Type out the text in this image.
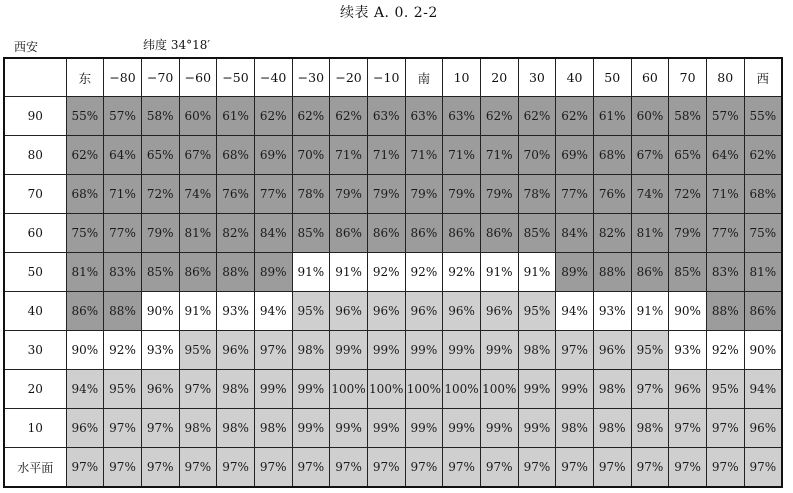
续表 A. 0. 2-2
西安	纬度 34°18′
	东	−80	−70	−60	−50	−40	−30	−20	−10	南	10	20	30	40	50	60	70	80	西
90	55%	57%	58%	60%	61%	62%	62%	62%	63%	63%	63%	62%	62%	62%	61%	60%	58%	57%	55%
80	62%	64%	65%	67%	68%	69%	70%	71%	71%	71%	71%	71%	70%	69%	68%	67%	65%	64%	62%
70	68%	71%	72%	74%	76%	77%	78%	79%	79%	79%	79%	79%	78%	77%	76%	74%	72%	71%	68%
60	75%	77%	79%	81%	82%	84%	85%	86%	86%	86%	86%	86%	85%	84%	82%	81%	79%	77%	75%
50	81%	83%	85%	86%	88%	89%	91%	91%	92%	92%	92%	91%	91%	89%	88%	86%	85%	83%	81%
40	86%	88%	90%	91%	93%	94%	95%	96%	96%	96%	96%	96%	95%	94%	93%	91%	90%	88%	86%
30	90%	92%	93%	95%	96%	97%	98%	99%	99%	99%	99%	99%	98%	97%	96%	95%	93%	92%	90%
20	94%	95%	96%	97%	98%	99%	99%	100%	100%	100%	100%	100%	99%	99%	98%	97%	96%	95%	94%
10	96%	97%	97%	98%	98%	98%	99%	99%	99%	99%	99%	99%	99%	98%	98%	98%	97%	97%	96%
水平面	97%	97%	97%	97%	97%	97%	97%	97%	97%	97%	97%	97%	97%	97%	97%	97%	97%	97%	97%
